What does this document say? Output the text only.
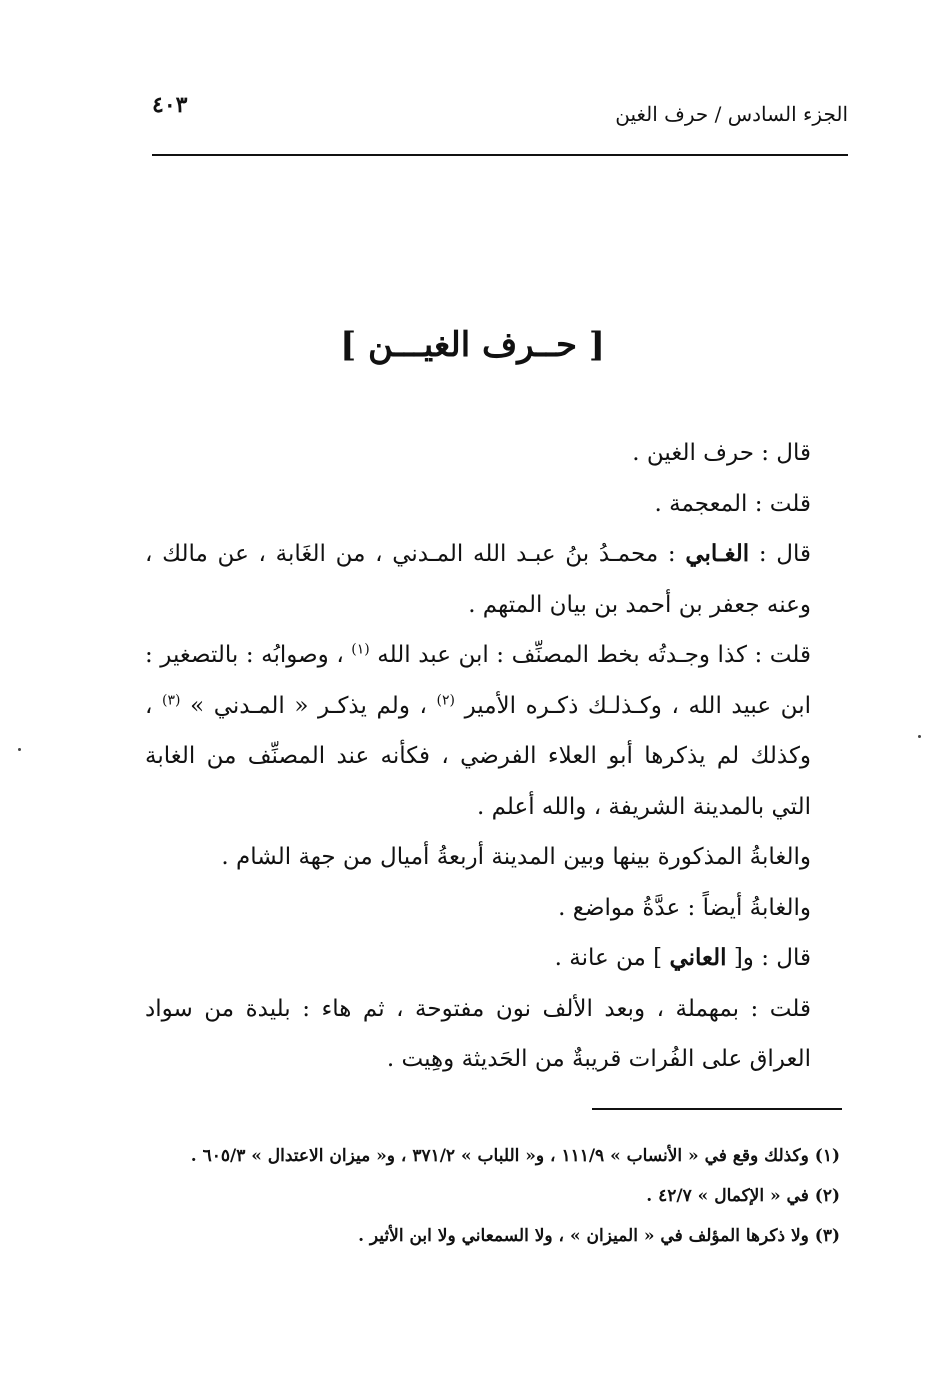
الجزء السادس / حرف الغين
٤٠٣
[ حــرف الغيـــن ]

قال : حرف الغين .

قلت : المعجمة .

قال : الغـابي : محمـدُ بنُ عبـد الله المـدني ، من الغَابة ، عن مالك ، وعنه جعفر بن أحمد بن بيان المتهم .

قلت : كذا وجـدتُه بخط المصنِّف : ابن عبد الله $^{(١)}$ ، وصوابُه : بالتصغير : ابن عبيد الله ، وكـذلـك ذكـره الأمير $^{(٢)}$ ، ولم يذكـر « المـدني » $^{(٣)}$ ، وكذلك لم يذكرها أبو العلاء الفرضي ، فكأنه عند المصنِّف من الغابة التي بالمدينة الشريفة ، والله أعلم .

والغابةُ المذكورة بينها وبين المدينة أربعةُ أميال من جهة الشام .

والغابةُ أيضاً : عدَّةُ مواضع .

قال : و[ العاني ] من عانة .

قلت : بمهملة ، وبعد الألف نون مفتوحة ، ثم هاء : بليدة من سواد العراق على الفُرات قريبةٌ من الحَديثة وهِيت .

(١) وكذلك وقع في « الأنساب » ١١١/٩ ، و« اللباب » ٣٧١/٢ ، و« ميزان الاعتدال » ٦٠٥/٣ .

(٢) في « الإكمال » ٤٢/٧ .

(٣) ولا ذكرها المؤلف في « الميزان » ، ولا السمعاني ولا ابن الأثير .
